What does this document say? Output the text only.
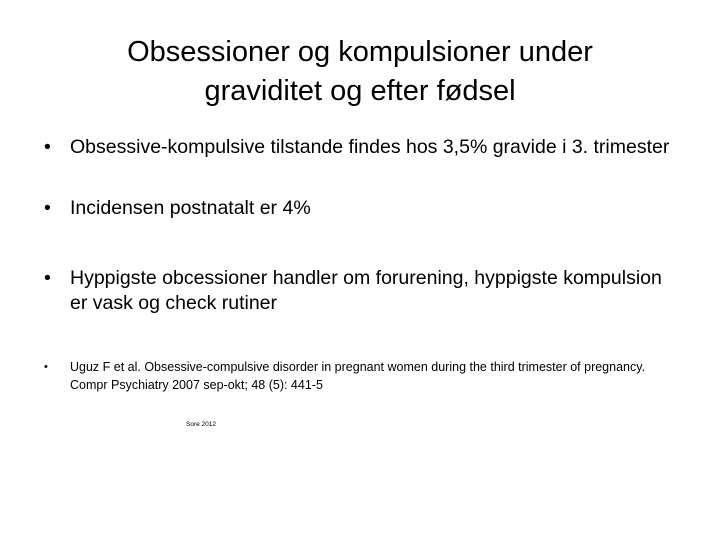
Obsessioner og kompulsioner under
graviditet og efter fødsel

• Obsessive-kompulsive tilstande findes hos 3,5% gravide i 3. trimester

• Incidensen postnatalt er 4%

• Hyppigste obcessioner handler om forurening, hyppigste kompulsion er vask og check rutiner

• Uguz F et al. Obsessive-compulsive disorder in pregnant women during the third trimester of pregnancy. Compr Psychiatry 2007 sep-okt; 48 (5): 441-5

Sore 2012
